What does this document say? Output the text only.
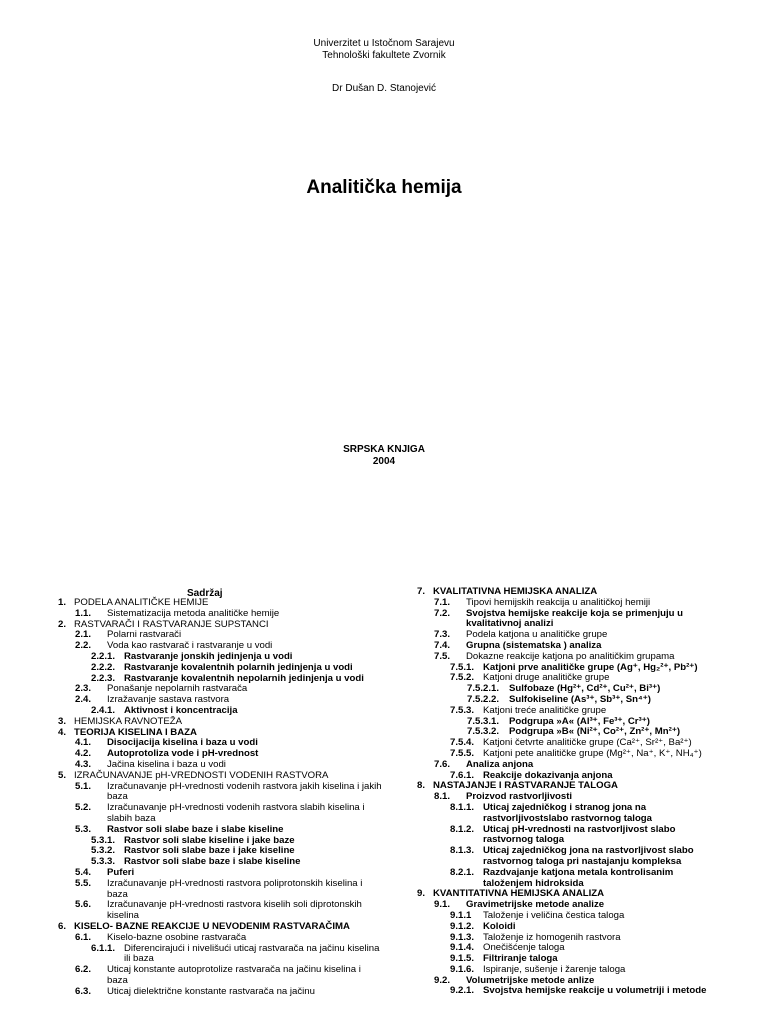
Univerzitet u Istočnom Sarajevu
Tehnološki fakultete Zvornik
Dr Dušan D. Stanojević
Analitička hemija
SRPSKA KNJIGA
2004
Sadržaj
1. PODELA ANALITIČKE HEMIJE
1.1. Sistematizacija metoda analitičke hemije
2. RASTVARAČI I RASTVARANJE SUPSTANCI
2.1. Polarni rastvarači
2.2. Voda kao rastvarač i rastvaranje u vodi
2.2.1. Rastvaranje jonskih jedinjenja u vodi
2.2.2. Rastvaranje kovalentnih polarnih jedinjenja u vodi
2.2.3. Rastvaranje kovalentnih nepolarnih jedinjenja u vodi
2.3. Ponašanje nepolarnih rastvarača
2.4. Izražavanje sastava rastvora
2.4.1. Aktivnost i koncentracija
3. HEMIJSKA RAVNOTEŽA
4. TEORIJA KISELINA I BAZA
4.1. Disocijacija kiselina i baza u vodi
4.2. Autoprotoliza vode i pH-vrednost
4.3. Jačina kiselina i baza u vodi
5. IZRAČUNAVANJE pH-VREDNOSTI VODENIH RASTVORA
5.1. Izračunavanje pH-vrednosti vodenih rastvora jakih kiselina i jakih baza
5.2. Izračunavanje pH-vrednosti vodenih rastvora slabih kiselina i slabih baza
5.3. Rastvor soli slabe baze i slabe kiseline
5.3.1. Rastvor soli slabe kiseline i jake baze
5.3.2. Rastvor soli slabe baze i jake kiseline
5.3.3. Rastvor soli slabe baze i slabe kiseline
5.4. Puferi
5.5. Izračunavanje pH-vrednosti rastvora poliprotonskih kiselina i baza
5.6. Izračunavanje pH-vrednosti rastvora kiselih soli diprotonskih kiselina
6. KISELO- BAZNE REAKCIJE U NEVODENIM RASTVARAČIMA
6.1. Kiselo-bazne osobine rastvarača
6.1.1. Diferencirajući i nivelišući uticaj rastvarača na jačinu kiselina ili baza
6.2. Uticaj konstante autoprotolize rastvarača na jačinu kiselina i baza
6.3. Uticaj dielektrične konstante rastvarača na jačinu
7. KVALITATIVNA HEMIJSKA ANALIZA
7.1. Tipovi hemijskih reakcija u analitičkoj hemiji
7.2. Svojstva hemijske reakcije koja se primenjuju u kvalitativnoj analizi
7.3. Podela katjona u analitičke grupe
7.4. Grupna (sistematska ) analiza
7.5. Dokazne reakcije katjona po analitičkim grupama
7.5.1. Katjoni prve analitičke grupe (Ag⁺, Hg₂²⁺, Pb²⁺)
7.5.2. Katjoni druge analitičke grupe
7.5.2.1. Sulfobaze (Hg²⁺, Cd²⁺, Cu²⁺, Bi³⁺)
7.5.2.2. Sulfokiseline (As³⁺, Sb³⁺, Sn⁴⁺)
7.5.3. Katjoni treće analitičke grupe
7.5.3.1. Podgrupa »A« (Al³⁺, Fe³⁺, Cr³⁺)
7.5.3.2. Podgrupa »B« (Ni²⁺, Co²⁺, Zn²⁺, Mn²⁺)
7.5.4. Katjoni četvrte analitičke grupe (Ca²⁺, Sr²⁺, Ba²⁺)
7.5.5. Katjoni pete analitičke grupe (Mg²⁺, Na⁺, K⁺, NH₄⁺)
7.6. Analiza anjona
7.6.1. Reakcije dokazivanja anjona
8. NASTAJANJE I RASTVARANJE TALOGA
8.1. Proizvod rastvorljivosti
8.1.1. Uticaj zajedničkog i stranog jona na rastvorljivostslabo rastvornog taloga
8.1.2. Uticaj pH-vrednosti na rastvorljivost slabo rastvornog taloga
8.1.3. Uticaj zajedničkog jona na rastvorljivost slabo rastvornog taloga pri nastajanju kompleksa
8.2.1. Razdvajanje katjona metala kontrolisanim taloženjem hidroksida
9. KVANTITATIVNA HEMIJSKA ANALIZA
9.1. Gravimetrijske metode analize
9.1.1 Taloženje i veličina čestica taloga
9.1.2. Koloidi
9.1.3. Taloženje iz homogenih rastvora
9.1.4. Onečišćenje taloga
9.1.5. Filtriranje taloga
9.1.6. Ispiranje, sušenje i žarenje taloga
9.2. Volumetrijske metode anlize
9.2.1. Svojstva hemijske reakcije u volumetriji i metode
